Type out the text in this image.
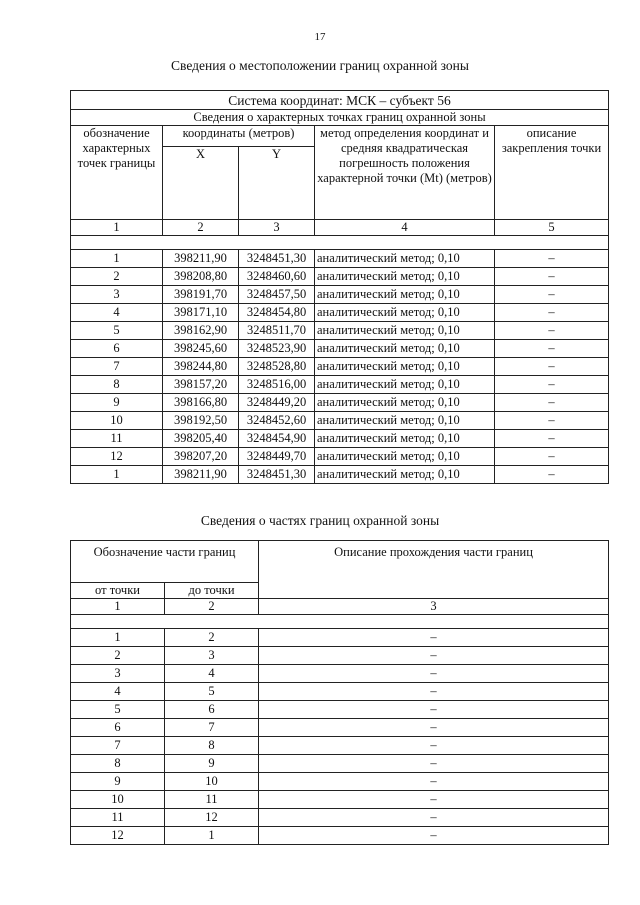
17
Сведения о местоположении границ охранной зоны
Система координат: МСК – субъект 56				
Сведения о характерных точках границ охранной зоны				
обозначение характерных точек границы	координаты (метров)		метод определения координат и средняя квадратическая погрешность положения характерной точки (Mt) (метров)	описание закрепления точки
	X	Y		
1	2	3	4	5

1	398211,90	3248451,30	аналитический метод; 0,10	–
2	398208,80	3248460,60	аналитический метод; 0,10	–
3	398191,70	3248457,50	аналитический метод; 0,10	–
4	398171,10	3248454,80	аналитический метод; 0,10	–
5	398162,90	3248511,70	аналитический метод; 0,10	–
6	398245,60	3248523,90	аналитический метод; 0,10	–
7	398244,80	3248528,80	аналитический метод; 0,10	–
8	398157,20	3248516,00	аналитический метод; 0,10	–
9	398166,80	3248449,20	аналитический метод; 0,10	–
10	398192,50	3248452,60	аналитический метод; 0,10	–
11	398205,40	3248454,90	аналитический метод; 0,10	–
12	398207,20	3248449,70	аналитический метод; 0,10	–
1	398211,90	3248451,30	аналитический метод; 0,10	–
Сведения о частях границ охранной зоны
Обозначение части границ		Описание прохождения части границ
от точки	до точки	
1	2	3

1	2	–
2	3	–
3	4	–
4	5	–
5	6	–
6	7	–
7	8	–
8	9	–
9	10	–
10	11	–
11	12	–
12	1	–
